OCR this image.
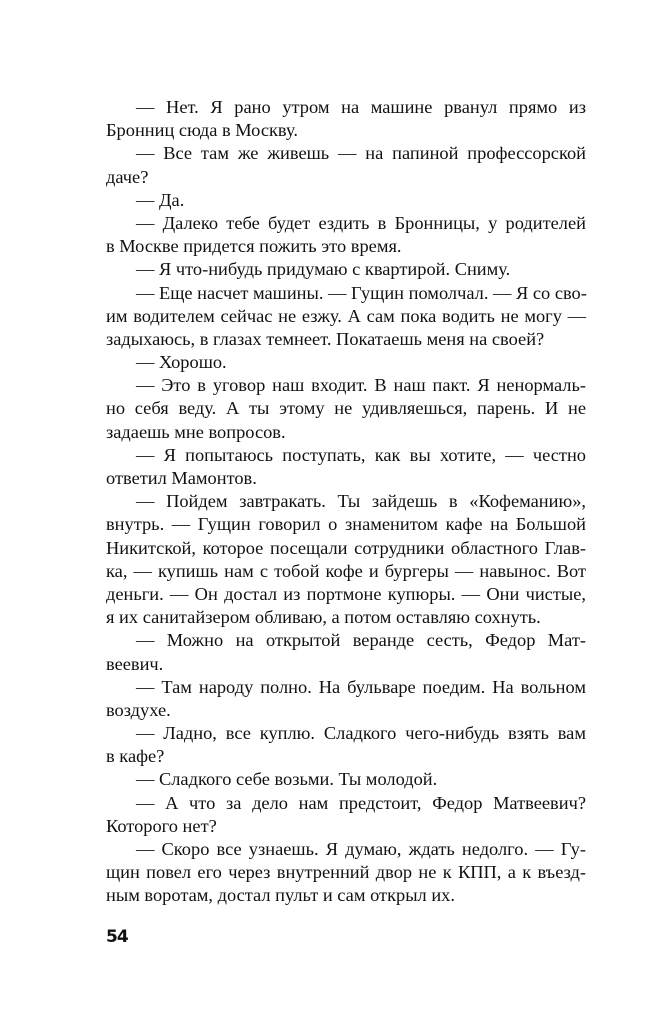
— Нет. Я рано утром на машине рванул прямо из
Бронниц сюда в Москву.
— Все там же живешь — на папиной профессорской
даче?
— Да.
— Далеко тебе будет ездить в Бронницы, у родителей
в Москве придется пожить это время.
— Я что-нибудь придумаю с квартирой. Сниму.
— Еще насчет машины. — Гущин помолчал. — Я со сво-
им водителем сейчас не езжу. А сам пока водить не могу —
задыхаюсь, в глазах темнеет. Покатаешь меня на своей?
— Хорошо.
— Это в уговор наш входит. В наш пакт. Я ненормаль-
но себя веду. А ты этому не удивляешься, парень. И не
задаешь мне вопросов.
— Я попытаюсь поступать, как вы хотите, — честно
ответил Мамонтов.
— Пойдем завтракать. Ты зайдешь в «Кофеманию»,
внутрь. — Гущин говорил о знаменитом кафе на Большой
Никитской, которое посещали сотрудники областного Глав-
ка, — купишь нам с тобой кофе и бургеры — навынос. Вот
деньги. — Он достал из портмоне купюры. — Они чистые,
я их санитайзером обливаю, а потом оставляю сохнуть.
— Можно на открытой веранде сесть, Федор Мат-
веевич.
— Там народу полно. На бульваре поедим. На вольном
воздухе.
— Ладно, все куплю. Сладкого чего-нибудь взять вам
в кафе?
— Сладкого себе возьми. Ты молодой.
— А что за дело нам предстоит, Федор Матвеевич?
Которого нет?
— Скоро все узнаешь. Я думаю, ждать недолго. — Гу-
щин повел его через внутренний двор не к КПП, а к въезд-
ным воротам, достал пульт и сам открыл их.
54
